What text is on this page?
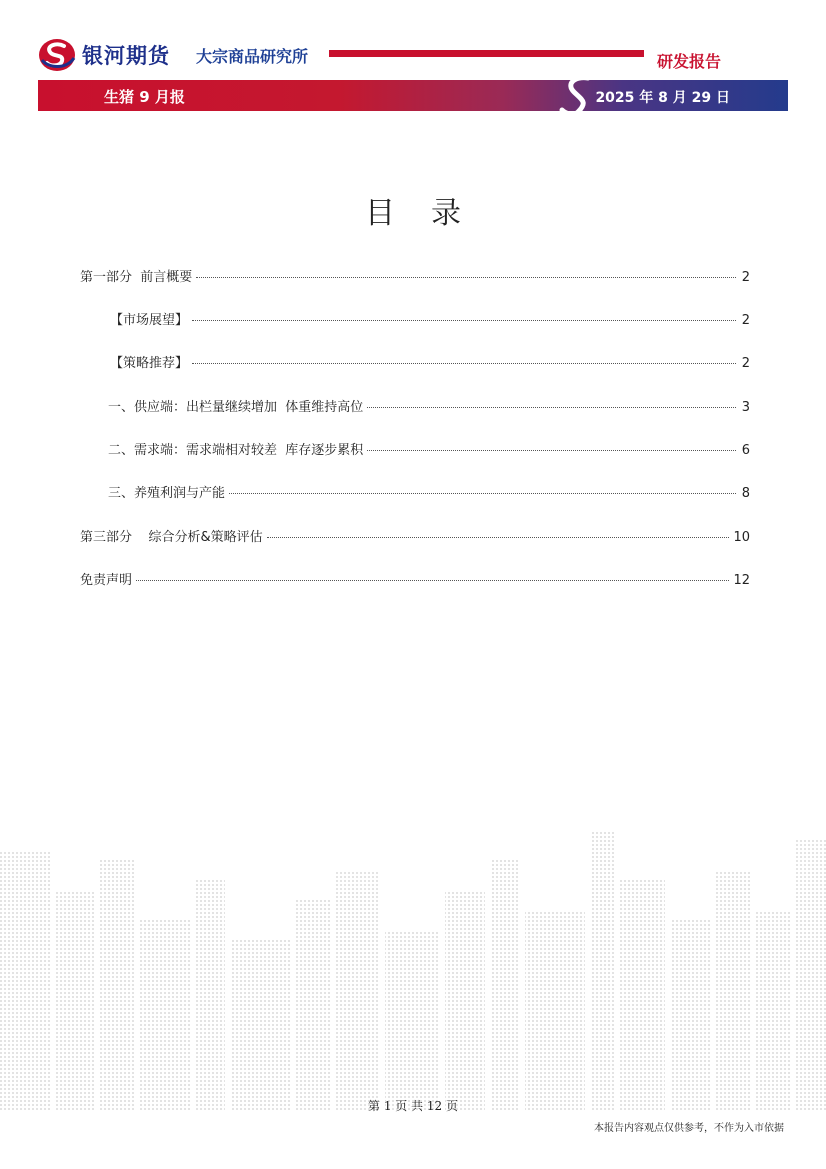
银河期货 大宗商品研究所	研发报告
生猪 9 月报	2025 年 8 月 29 日
目录
第一部分  前言概要	2
【市场展望】	2
【策略推荐】	2
一、供应端：出栏量继续增加  体重维持高位	3
二、需求端：需求端相对较差  库存逐步累积	6
三、养殖利润与产能	8
第三部分    综合分析&策略评估	10
免责声明	12
第 1 页 共 12 页
本报告内容观点仅供参考，不作为入市依据
